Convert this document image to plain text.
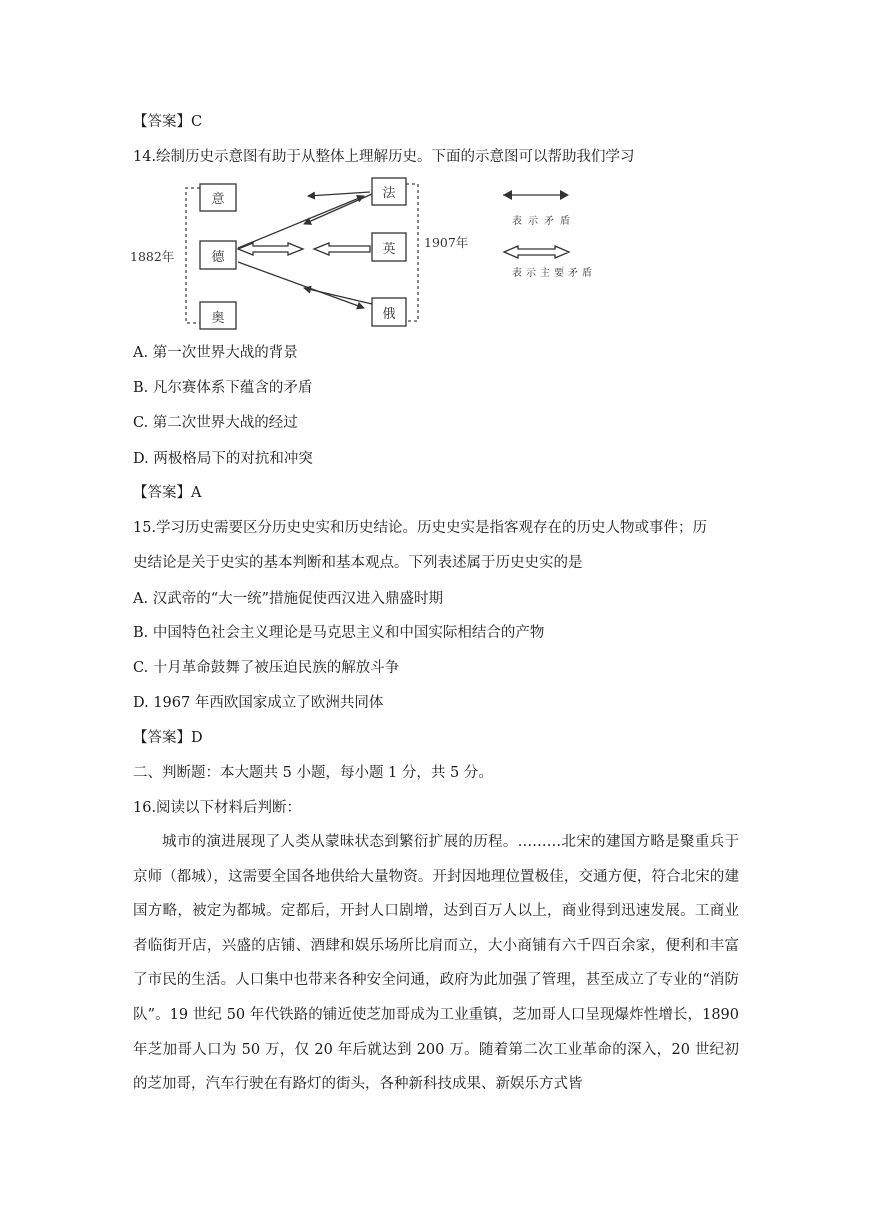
【答案】C
14.绘制历史示意图有助于从整体上理解历史。下面的示意图可以帮助我们学习
1882年
1907年
意
德
奥
法
英
俄
表示矛盾
表示主要矛盾
A. 第一次世界大战的背景
B. 凡尔赛体系下蕴含的矛盾
C. 第二次世界大战的经过
D. 两极格局下的对抗和冲突
【答案】A
15.学习历史需要区分历史史实和历史结论。历史史实是指客观存在的历史人物或事件；历
史结论是关于史实的基本判断和基本观点。下列表述属于历史史实的是
A. 汉武帝的“大一统”措施促使西汉进入鼎盛时期
B. 中国特色社会主义理论是马克思主义和中国实际相结合的产物
C. 十月革命鼓舞了被压迫民族的解放斗争
D. 1967 年西欧国家成立了欧洲共同体
【答案】D
二、判断题：本大题共 5 小题，每小题 1 分，共 5 分。
16.阅读以下材料后判断：
城市的演进展现了人类从蒙昧状态到繁衍扩展的历程。………北宋的建国方略是聚重兵于京师（都城），这需要全国各地供给大量物资。开封因地理位置极佳，交通方便，符合北宋的建国方略，被定为都城。定都后，开封人口剧增，达到百万人以上，商业得到迅速发展。工商业者临街开店，兴盛的店铺、酒肆和娱乐场所比肩而立，大小商铺有六千四百余家，便利和丰富了市民的生活。人口集中也带来各种安全问通，政府为此加强了管理，甚至成立了专业的“消防队”。19 世纪 50 年代铁路的铺近使芝加哥成为工业重镇，芝加哥人口呈现爆炸性增长，1890 年芝加哥人口为 50 万，仅 20 年后就达到 200 万。随着第二次工业革命的深入，20 世纪初的芝加哥，汽车行驶在有路灯的街头，各种新科技成果、新娱乐方式皆
